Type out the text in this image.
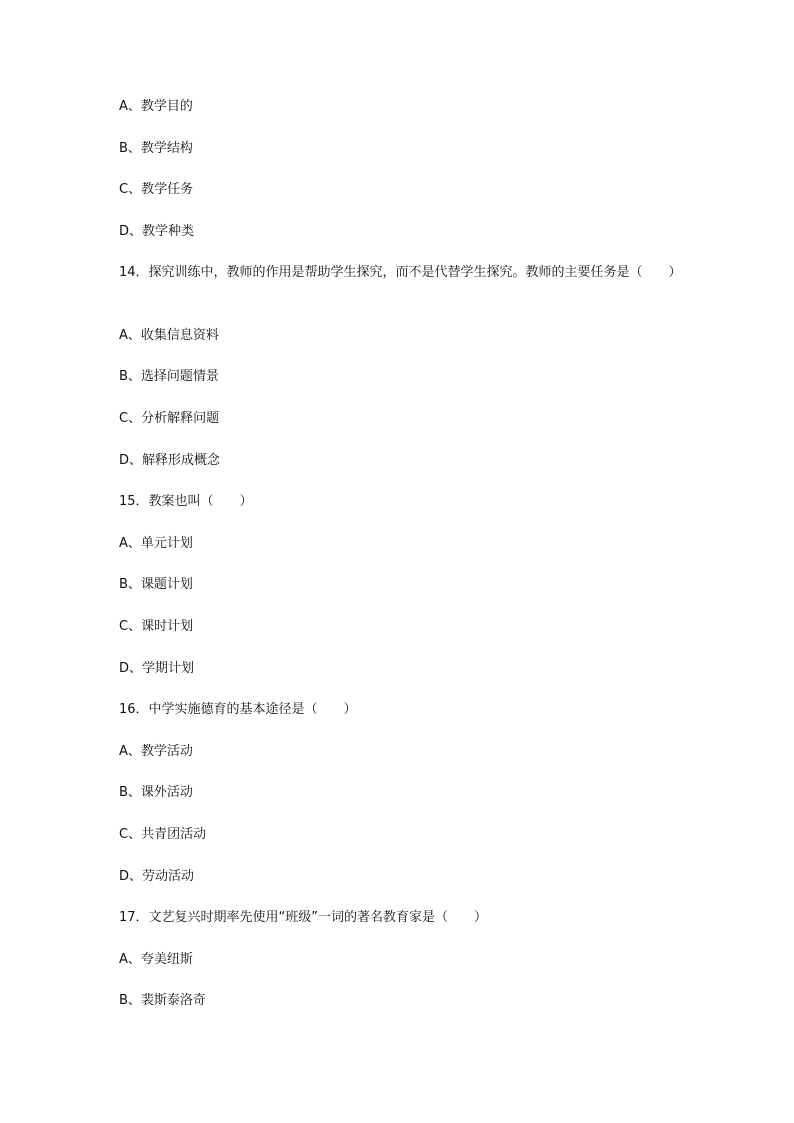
A、教学目的
B、教学结构
C、教学任务
D、教学种类
14．探究训练中，教师的作用是帮助学生探究，而不是代替学生探究。教师的主要任务是（　　）
A、收集信息资料
B、选择问题情景
C、分析解释问题
D、解释形成概念
15．教案也叫（　　）
A、单元计划
B、课题计划
C、课时计划
D、学期计划
16．中学实施德育的基本途径是（　　）
A、教学活动
B、课外活动
C、共青团活动
D、劳动活动
17．文艺复兴时期率先使用“班级”一词的著名教育家是（　　）
A、夸美纽斯
B、裴斯泰洛奇
